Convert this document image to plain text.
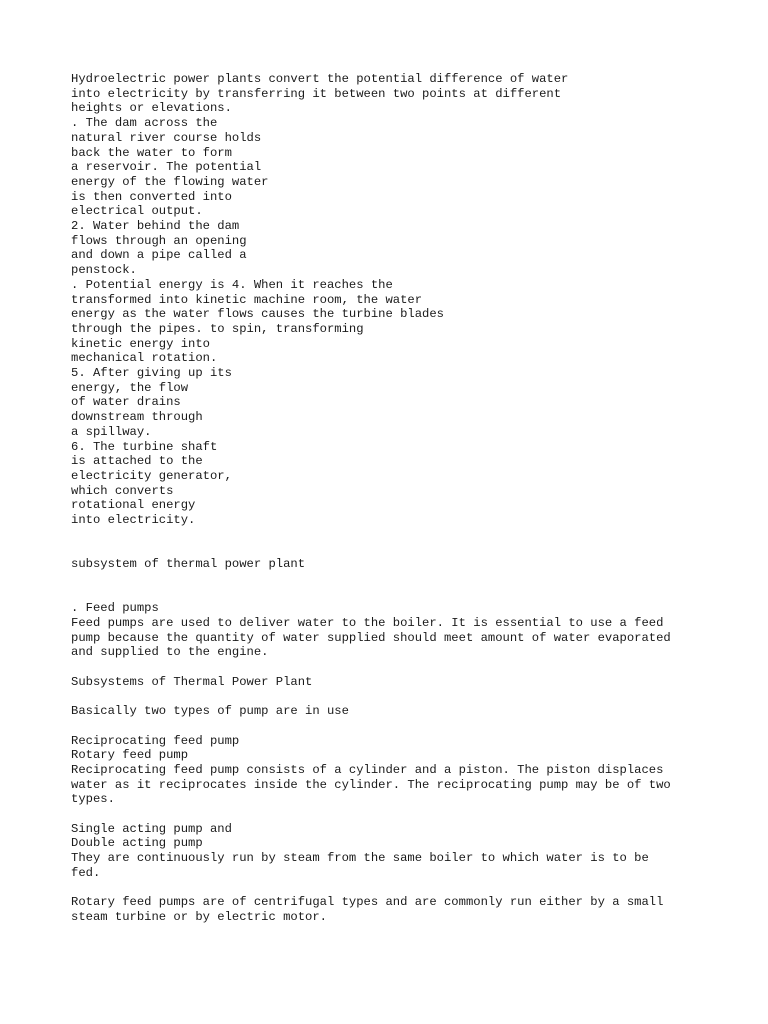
Hydroelectric power plants convert the potential difference of water
into electricity by transferring it between two points at different
heights or elevations.
. The dam across the
natural river course holds
back the water to form
a reservoir. The potential
energy of the flowing water
is then converted into
electrical output.
2. Water behind the dam
flows through an opening
and down a pipe called a
penstock.
. Potential energy is 4. When it reaches the
transformed into kinetic machine room, the water
energy as the water flows causes the turbine blades
through the pipes. to spin, transforming
kinetic energy into
mechanical rotation.
5. After giving up its
energy, the flow
of water drains
downstream through
a spillway.
6. The turbine shaft
is attached to the
electricity generator,
which converts
rotational energy
into electricity.
subsystem of thermal power plant
. Feed pumps
Feed pumps are used to deliver water to the boiler. It is essential to use a feed
pump because the quantity of water supplied should meet amount of water evaporated
and supplied to the engine.
Subsystems of Thermal Power Plant
Basically two types of pump are in use
Reciprocating feed pump
Rotary feed pump
Reciprocating feed pump consists of a cylinder and a piston. The piston displaces
water as it reciprocates inside the cylinder. The reciprocating pump may be of two
types.
Single acting pump and
Double acting pump
They are continuously run by steam from the same boiler to which water is to be
fed.
Rotary feed pumps are of centrifugal types and are commonly run either by a small
steam turbine or by electric motor.
